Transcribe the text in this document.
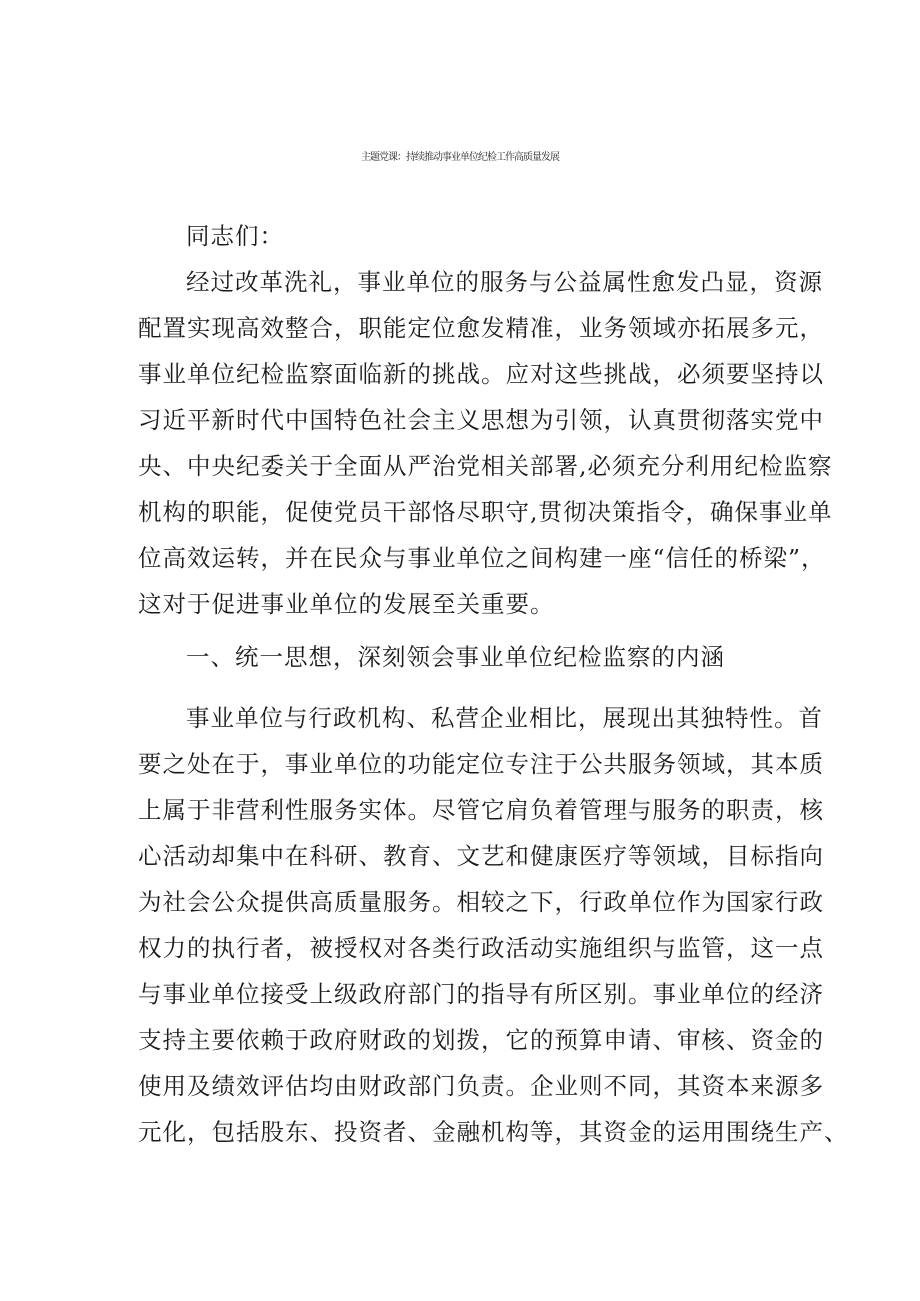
主题党课：持续推动事业单位纪检工作高质量发展
同志们：
经过改革洗礼，事业单位的服务与公益属性愈发凸显，资源
配置实现高效整合，职能定位愈发精准，业务领域亦拓展多元，
事业单位纪检监察面临新的挑战。应对这些挑战，必须要坚持以
习近平新时代中国特色社会主义思想为引领，认真贯彻落实党中
央、中央纪委关于全面从严治党相关部署,必须充分利用纪检监察
机构的职能，促使党员干部恪尽职守,贯彻决策指令，确保事业单
位高效运转，并在民众与事业单位之间构建一座“信任的桥梁”，
这对于促进事业单位的发展至关重要。
一、统一思想，深刻领会事业单位纪检监察的内涵
事业单位与行政机构、私营企业相比，展现出其独特性。首
要之处在于，事业单位的功能定位专注于公共服务领域，其本质
上属于非营利性服务实体。尽管它肩负着管理与服务的职责，核
心活动却集中在科研、教育、文艺和健康医疗等领域，目标指向
为社会公众提供高质量服务。相较之下，行政单位作为国家行政
权力的执行者，被授权对各类行政活动实施组织与监管，这一点
与事业单位接受上级政府部门的指导有所区别。事业单位的经济
支持主要依赖于政府财政的划拨，它的预算申请、审核、资金的
使用及绩效评估均由财政部门负责。企业则不同，其资本来源多
元化，包括股东、投资者、金融机构等，其资金的运用围绕生产、
